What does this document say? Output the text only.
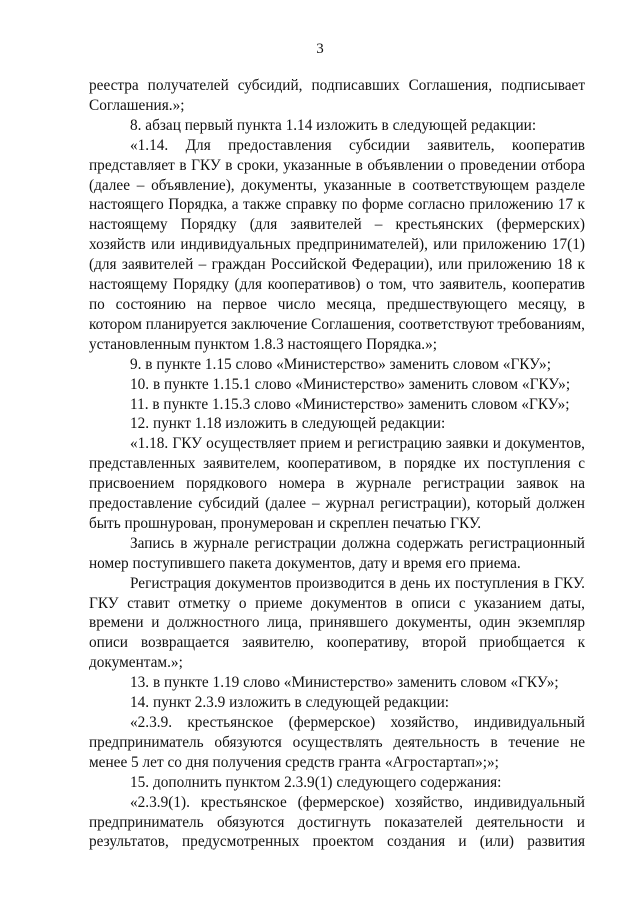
3

реестра получателей субсидий, подписавших Соглашения, подписывает Соглашения.»;

8. абзац первый пункта 1.14 изложить в следующей редакции:

«1.14. Для предоставления субсидии заявитель, кооператив представляет в ГКУ в сроки, указанные в объявлении о проведении отбора (далее – объявление), документы, указанные в соответствующем разделе настоящего Порядка, а также справку по форме согласно приложению 17 к настоящему Порядку (для заявителей – крестьянских (фермерских) хозяйств или индивидуальных предпринимателей), или приложению 17(1) (для заявителей – граждан Российской Федерации), или приложению 18 к настоящему Порядку (для кооперативов) о том, что заявитель, кооператив по состоянию на первое число месяца, предшествующего месяцу, в котором планируется заключение Соглашения, соответствуют требованиям, установленным пунктом 1.8.3 настоящего Порядка.»;

9. в пункте 1.15 слово «Министерство» заменить словом «ГКУ»;

10. в пункте 1.15.1 слово «Министерство» заменить словом «ГКУ»;

11. в пункте 1.15.3 слово «Министерство» заменить словом «ГКУ»;

12. пункт 1.18 изложить в следующей редакции:

«1.18. ГКУ осуществляет прием и регистрацию заявки и документов, представленных заявителем, кооперативом, в порядке их поступления с присвоением порядкового номера в журнале регистрации заявок на предоставление субсидий (далее – журнал регистрации), который должен быть прошнурован, пронумерован и скреплен печатью ГКУ.

Запись в журнале регистрации должна содержать регистрационный номер поступившего пакета документов, дату и время его приема.

Регистрация документов производится в день их поступления в ГКУ. ГКУ ставит отметку о приеме документов в описи с указанием даты, времени и должностного лица, принявшего документы, один экземпляр описи возвращается заявителю, кооперативу, второй приобщается к документам.»;

13. в пункте 1.19 слово «Министерство» заменить словом «ГКУ»;

14. пункт 2.3.9 изложить в следующей редакции:

«2.3.9. крестьянское (фермерское) хозяйство, индивидуальный предприниматель обязуются осуществлять деятельность в течение не менее 5 лет со дня получения средств гранта «Агростартап»;»;

15. дополнить пунктом 2.3.9(1) следующего содержания:

«2.3.9(1). крестьянское (фермерское) хозяйство, индивидуальный предприниматель обязуются достигнуть показателей деятельности и результатов, предусмотренных проектом создания и (или) развития
